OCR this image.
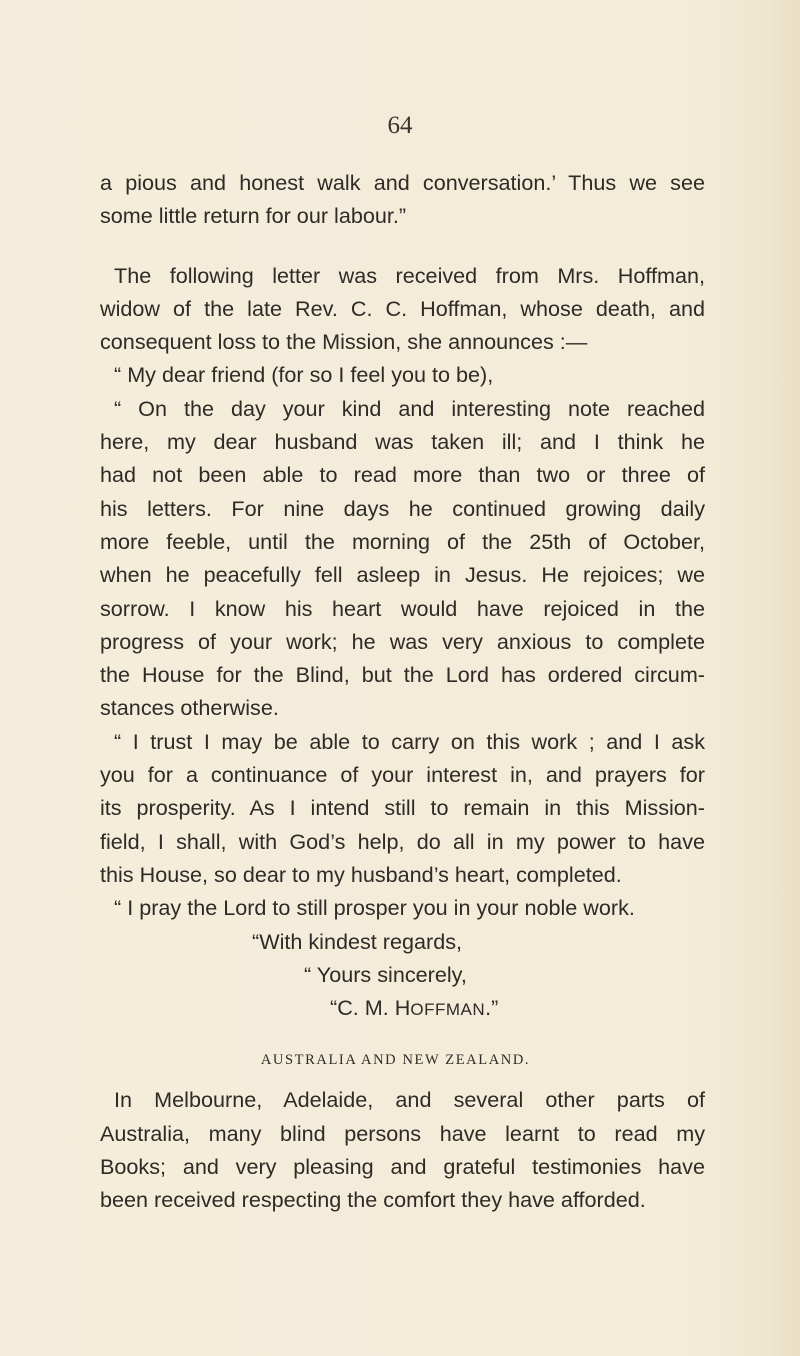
64
a pious and honest walk and conversation.’ Thus we see
some little return for our labour.”
The following letter was received from Mrs. Hoffman,
widow of the late Rev. C. C. Hoffman, whose death, and
consequent loss to the Mission, she announces :—
“ My dear friend (for so I feel you to be),
“ On the day your kind and interesting note reached
here, my dear husband was taken ill; and I think he
had not been able to read more than two or three of
his letters. For nine days he continued growing daily
more feeble, until the morning of the 25th of October,
when he peacefully fell asleep in Jesus. He rejoices; we
sorrow. I know his heart would have rejoiced in the
progress of your work; he was very anxious to complete
the House for the Blind, but the Lord has ordered circum-
stances otherwise.
“ I trust I may be able to carry on this work ; and I ask
you for a continuance of your interest in, and prayers for
its prosperity. As I intend still to remain in this Mission-
field, I shall, with God’s help, do all in my power to have
this House, so dear to my husband’s heart, completed.
“ I pray the Lord to still prosper you in your noble work.
“With kindest regards,
“ Yours sincerely,
“C. M. HOFFMAN.”
AUSTRALIA AND NEW ZEALAND.
In Melbourne, Adelaide, and several other parts of
Australia, many blind persons have learnt to read my
Books; and very pleasing and grateful testimonies have
been received respecting the comfort they have afforded.
